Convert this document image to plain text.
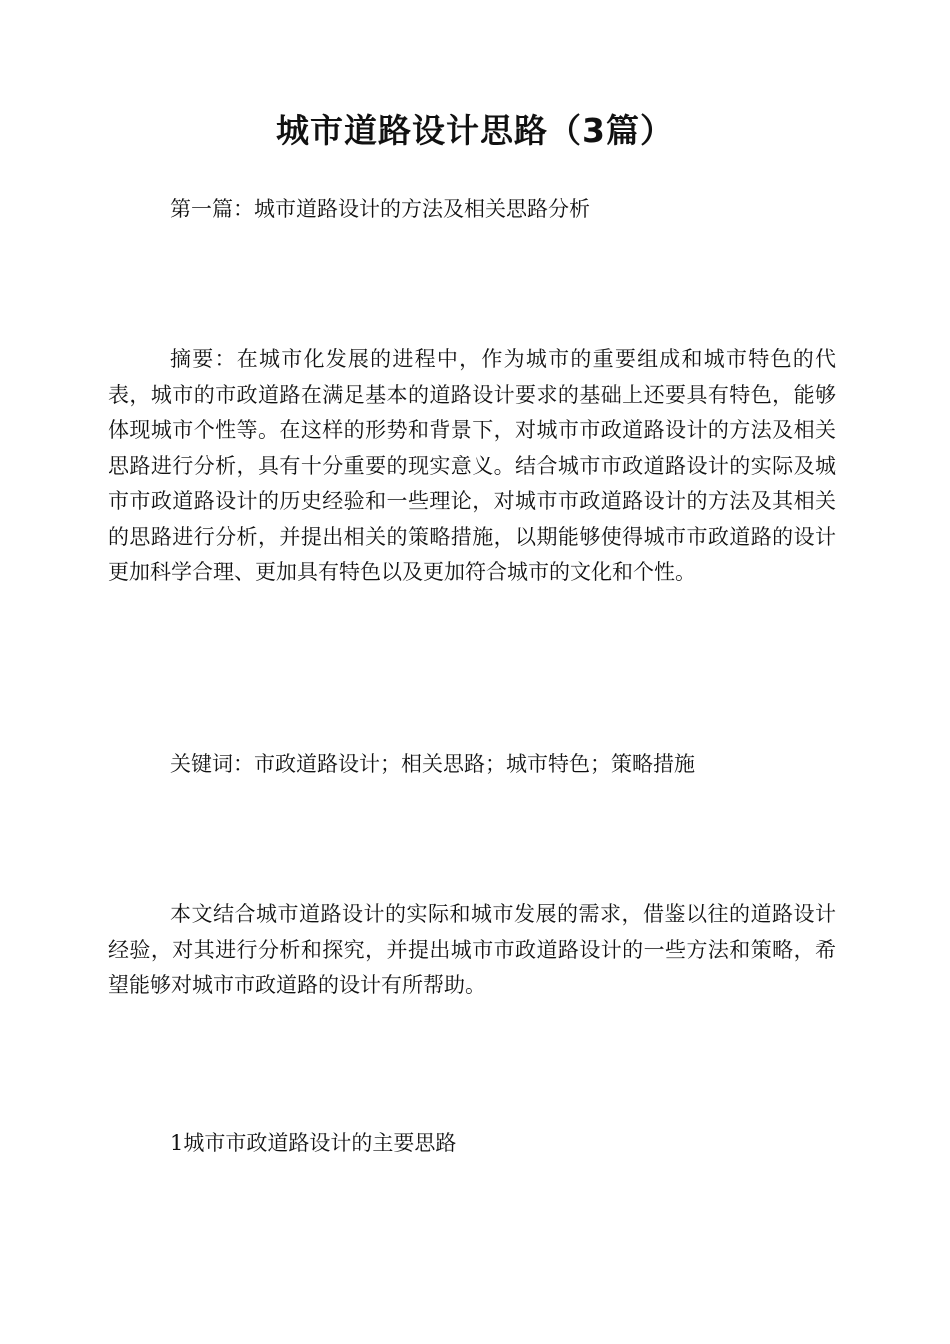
城市道路设计思路（3篇）

第一篇：城市道路设计的方法及相关思路分析

摘要：在城市化发展的进程中，作为城市的重要组成和城市特色的代表，城市的市政道路在满足基本的道路设计要求的基础上还要具有特色，能够体现城市个性等。在这样的形势和背景下，对城市市政道路设计的方法及相关思路进行分析，具有十分重要的现实意义。结合城市市政道路设计的实际及城市市政道路设计的历史经验和一些理论，对城市市政道路设计的方法及其相关的思路进行分析，并提出相关的策略措施，以期能够使得城市市政道路的设计更加科学合理、更加具有特色以及更加符合城市的文化和个性。

关键词：市政道路设计；相关思路；城市特色；策略措施

本文结合城市道路设计的实际和城市发展的需求，借鉴以往的道路设计经验，对其进行分析和探究，并提出城市市政道路设计的一些方法和策略，希望能够对城市市政道路的设计有所帮助。

1城市市政道路设计的主要思路
